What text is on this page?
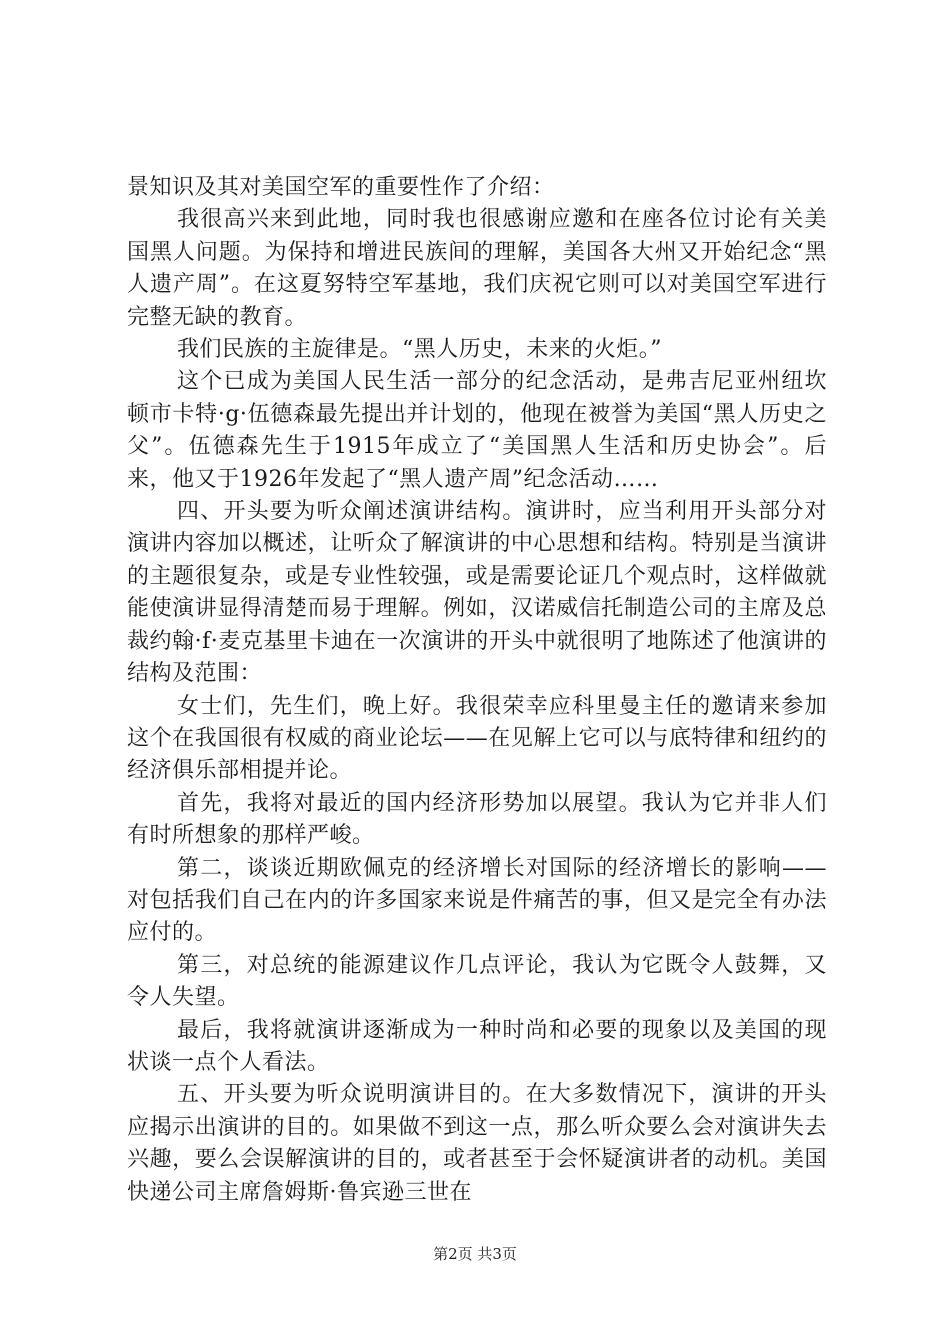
景知识及其对美国空军的重要性作了介绍：

我很高兴来到此地，同时我也很感谢应邀和在座各位讨论有关美国黑人问题。为保持和增进民族间的理解，美国各大州又开始纪念“黑人遗产周”。在这夏努特空军基地，我们庆祝它则可以对美国空军进行完整无缺的教育。

我们民族的主旋律是。“黑人历史，未来的火炬。”

这个已成为美国人民生活一部分的纪念活动，是弗吉尼亚州纽坎顿市卡特·g·伍德森最先提出并计划的，他现在被誉为美国“黑人历史之父”。伍德森先生于1915年成立了“美国黑人生活和历史协会”。后来，他又于1926年发起了“黑人遗产周”纪念活动……

四、开头要为听众阐述演讲结构。演讲时，应当利用开头部分对演讲内容加以概述，让听众了解演讲的中心思想和结构。特别是当演讲的主题很复杂，或是专业性较强，或是需要论证几个观点时，这样做就能使演讲显得清楚而易于理解。例如，汉诺威信托制造公司的主席及总裁约翰·f·麦克基里卡迪在一次演讲的开头中就很明了地陈述了他演讲的结构及范围：

女士们，先生们，晚上好。我很荣幸应科里曼主任的邀请来参加这个在我国很有权威的商业论坛——在见解上它可以与底特律和纽约的经济俱乐部相提并论。

首先，我将对最近的国内经济形势加以展望。我认为它并非人们有时所想象的那样严峻。

第二，谈谈近期欧佩克的经济增长对国际的经济增长的影响——对包括我们自己在内的许多国家来说是件痛苦的事，但又是完全有办法应付的。

第三，对总统的能源建议作几点评论，我认为它既令人鼓舞，又令人失望。

最后，我将就演讲逐渐成为一种时尚和必要的现象以及美国的现状谈一点个人看法。

五、开头要为听众说明演讲目的。在大多数情况下，演讲的开头应揭示出演讲的目的。如果做不到这一点，那么听众要么会对演讲失去兴趣，要么会误解演讲的目的，或者甚至于会怀疑演讲者的动机。美国快递公司主席詹姆斯·鲁宾逊三世在

第2页 共3页
